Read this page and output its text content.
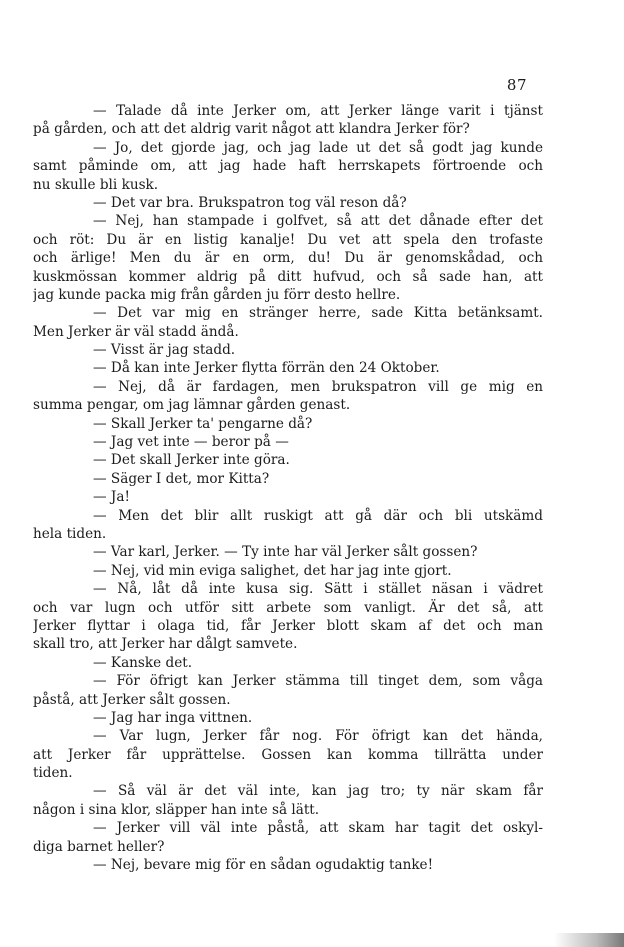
87
— Talade då inte Jerker om, att Jerker länge varit i tjänst
på gården, och att det aldrig varit något att klandra Jerker för?
— Jo, det gjorde jag, och jag lade ut det så godt jag kunde
samt påminde om, att jag hade haft herrskapets förtroende och
nu skulle bli kusk.
— Det var bra. Brukspatron tog väl reson då?
— Nej, han stampade i golfvet, så att det dånade efter det
och röt: Du är en listig kanalje! Du vet att spela den trofaste
och ärlige! Men du är en orm, du! Du är genomskådad, och
kuskmössan kommer aldrig på ditt hufvud, och så sade han, att
jag kunde packa mig från gården ju förr desto hellre.
— Det var mig en stränger herre, sade Kitta betänksamt.
Men Jerker är väl stadd ändå.
— Visst är jag stadd.
— Då kan inte Jerker flytta förrän den 24 Oktober.
— Nej, då är fardagen, men brukspatron vill ge mig en
summa pengar, om jag lämnar gården genast.
— Skall Jerker ta' pengarne då?
— Jag vet inte — beror på —
— Det skall Jerker inte göra.
— Säger I det, mor Kitta?
— Ja!
— Men det blir allt ruskigt att gå där och bli utskämd
hela tiden.
— Var karl, Jerker. — Ty inte har väl Jerker sålt gossen?
— Nej, vid min eviga salighet, det har jag inte gjort.
— Nå, låt då inte kusa sig. Sätt i stället näsan i vädret
och var lugn och utför sitt arbete som vanligt. Är det så, att
Jerker flyttar i olaga tid, får Jerker blott skam af det och man
skall tro, att Jerker har dålgt samvete.
— Kanske det.
— För öfrigt kan Jerker stämma till tinget dem, som våga
påstå, att Jerker sålt gossen.
— Jag har inga vittnen.
— Var lugn, Jerker får nog. För öfrigt kan det hända,
att Jerker får upprättelse. Gossen kan komma tillrätta under
tiden.
— Så väl är det väl inte, kan jag tro; ty när skam får
någon i sina klor, släpper han inte så lätt.
— Jerker vill väl inte påstå, att skam har tagit det oskyl-
diga barnet heller?
— Nej, bevare mig för en sådan ogudaktig tanke!
